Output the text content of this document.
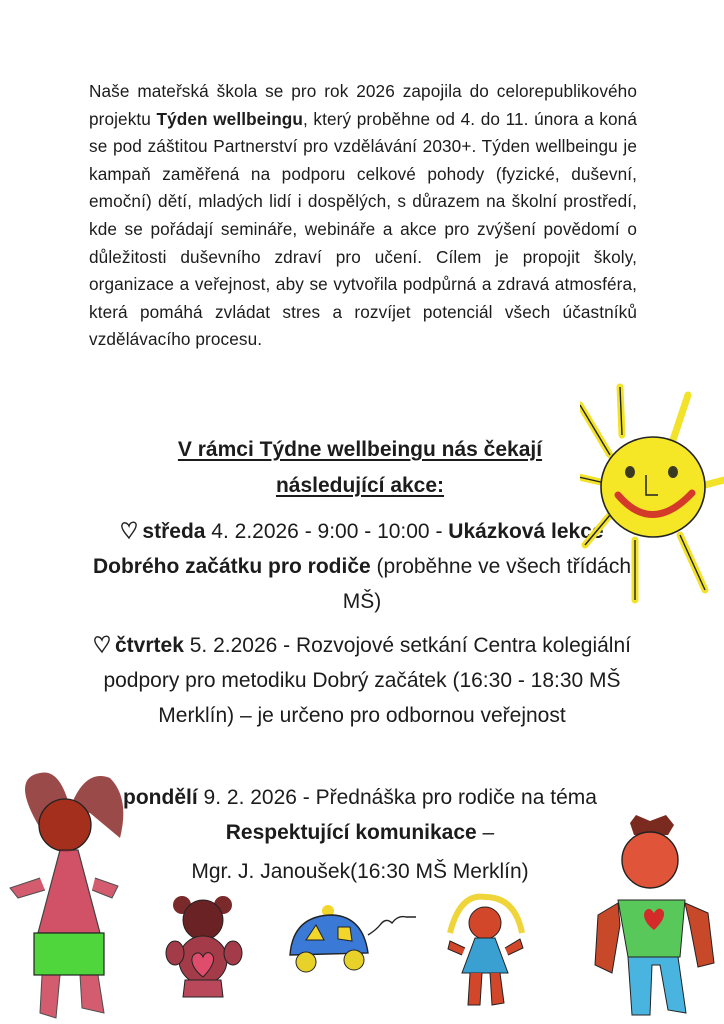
Naše mateřská škola se pro rok 2026 zapojila do celorepublikového projektu Týden wellbeingu, který proběhne od 4. do 11. února a koná se pod záštitou Partnerství pro vzdělávání 2030+. Týden wellbeingu je kampaň zaměřená na podporu celkové pohody (fyzické, duševní, emoční) dětí, mladých lidí i dospělých, s důrazem na školní prostředí, kde se pořádají semináře, webináře a akce pro zvýšení povědomí o důležitosti duševního zdraví pro učení. Cílem je propojit školy, organizace a veřejnost, aby se vytvořila podpůrná a zdravá atmosféra, která pomáhá zvládat stres a rozvíjet potenciál všech účastníků vzdělávacího procesu.
V rámci Týdne wellbeingu nás čekají
následující akce:
středa 4. 2.2026 - 9:00 - 10:00 - Ukázková lekce Dobrého začátku pro rodiče (proběhne ve všech třídách MŠ)
čtvrtek 5. 2.2026 - Rozvojové setkání Centra kolegiální podpory pro metodiku Dobrý začátek (16:30 - 18:30 MŠ Merklín) – je určeno pro odbornou veřejnost
pondělí 9. 2. 2026 - Přednáška pro rodiče na téma Respektující komunikace –
Mgr. J. Janoušek(16:30 MŠ Merklín)
